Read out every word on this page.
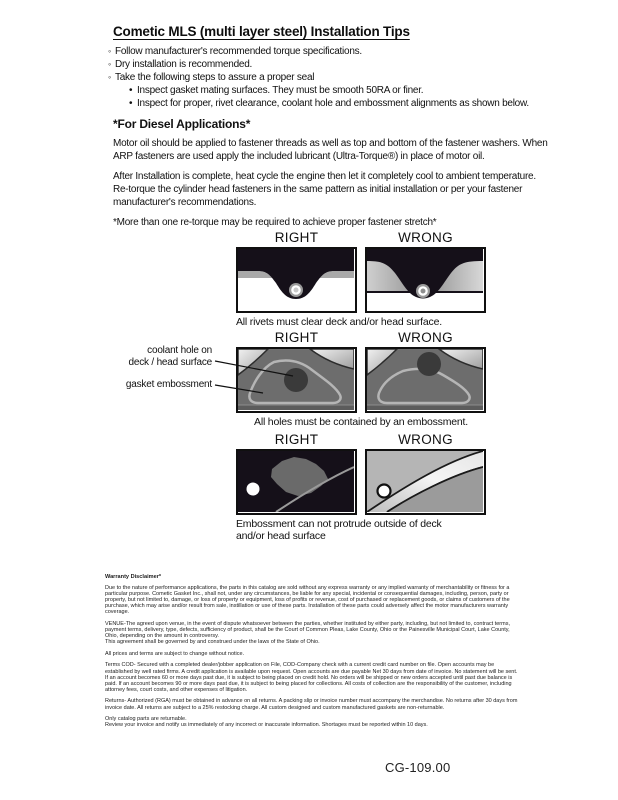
Cometic MLS (multi layer steel) Installation Tips
◦ Follow manufacturer's recommended torque specifications.
◦ Dry installation is recommended.
◦ Take the following steps to assure a proper seal
• Inspect gasket mating surfaces. They must be smooth 50RA or finer.
• Inspect for proper, rivet clearance, coolant hole and embossment alignments as shown below.
*For Diesel Applications*

Motor oil should be applied to fastener threads as well as top and bottom of the fastener washers. When ARP fasteners are used apply the included lubricant (Ultra-Torque®) in place of motor oil.

After Installation is complete, heat cycle the engine then let it completely cool to ambient temperature. Re-torque the cylinder head fasteners in the same pattern as initial installation or per your fastener manufacturer's recommendations.

*More than one re-torque may be required to achieve proper fastener stretch*

RIGHT	WRONG
All rivets must clear deck and/or head surface.
coolant hole on
deck / head surface
gasket embossment
RIGHT	WRONG
All holes must be contained by an embossment.
RIGHT	WRONG
Embossment can not protrude outside of deck and/or head surface
Warranty Disclaimer*

Due to the nature of performance applications, the parts in this catalog are sold without any express warranty or any implied warranty of merchantability or fitness for a particular purpose. Cometic Gasket Inc., shall not, under any circumstances, be liable for any special, incidental or consequential damages, including, person, party or property, but not limited to, damage, or loss of property or equipment, loss of profits or revenue, cost of purchased or replacement goods, or claims of customers of the purchase, which may arise and/or result from sale, instillation or use of these parts. Installation of these parts could adversely affect the motor manufacturers warranty coverage.

VENUE-The agreed upon venue, in the event of dispute whatsoever between the parties, whether instituted by either party, including, but not limited to, contract terms, payment terms, delivery, type, defects, sufficiency of product, shall be the Court of Common Pleas, Lake County, Ohio or the Painesville Municipal Court, Lake County, Ohio, depending on the amount in controversy.

This agreement shall be governed by and construed under the laws of the State of Ohio.

All prices and terms are subject to change without notice.

Terms COD- Secured with a completed dealer/jobber application on File, COD-Company check with a current credit card number on file. Open accounts may be established by well rated firms. A credit application is available upon request. Open accounts are due payable Net 30 days from date of invoice. No statement will be sent. If an account becomes 60 or more days past due, it is subject to being placed on credit hold. No orders will be shipped or new orders accepted until past due balance is paid. If an account becomes 90 or more days past due, it is subject to being placed for collections. All costs of collection are the responsibility of the customer, including attorney fees, court costs, and other expenses of litigation.

Returns- Authorized (RGA) must be obtained in advance on all returns. A packing slip or invoice number must accompany the merchandise. No returns after 30 days from invoice date. All returns are subject to a 25% restocking charge. All custom designed and custom manufactured gaskets are non-returnable.

Only catalog parts are returnable.

Review your invoice and notify us immediately of any incorrect or inaccurate information. Shortages must be reported within 10 days.

CG-109.00
